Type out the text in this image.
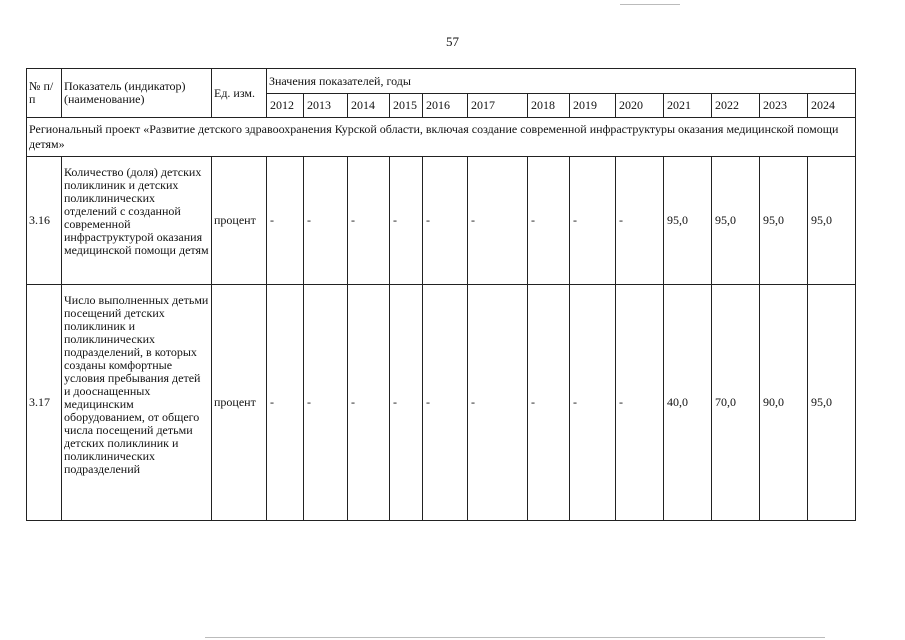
57
№ п/п	Показатель (индикатор) (наименование)	Ед. изм.	Значения показателей, годы												
			2012	2013	2014	2015	2016	2017	2018	2019	2020	2021	2022	2023	2024
Региональный проект «Развитие детского здравоохранения Курской области, включая создание современной инфраструктуры оказания медицинской помощи детям»															
3.16	Количество (доля) детских поликлиник и детских поликлинических отделений с созданной современной инфраструктурой оказания медицинской помощи детям	процент	-	-	-	-	-	-	-	-	-	95,0	95,0	95,0	95,0
3.17	Число выполненных детьми посещений детских поликлиник и поликлинических подразделений, в которых созданы комфортные условия пребывания детей и дооснащенных медицинским оборудованием, от общего числа посещений детьми детских поликлиник и поликлинических подразделений	процент	-	-	-	-	-	-	-	-	-	40,0	70,0	90,0	95,0
